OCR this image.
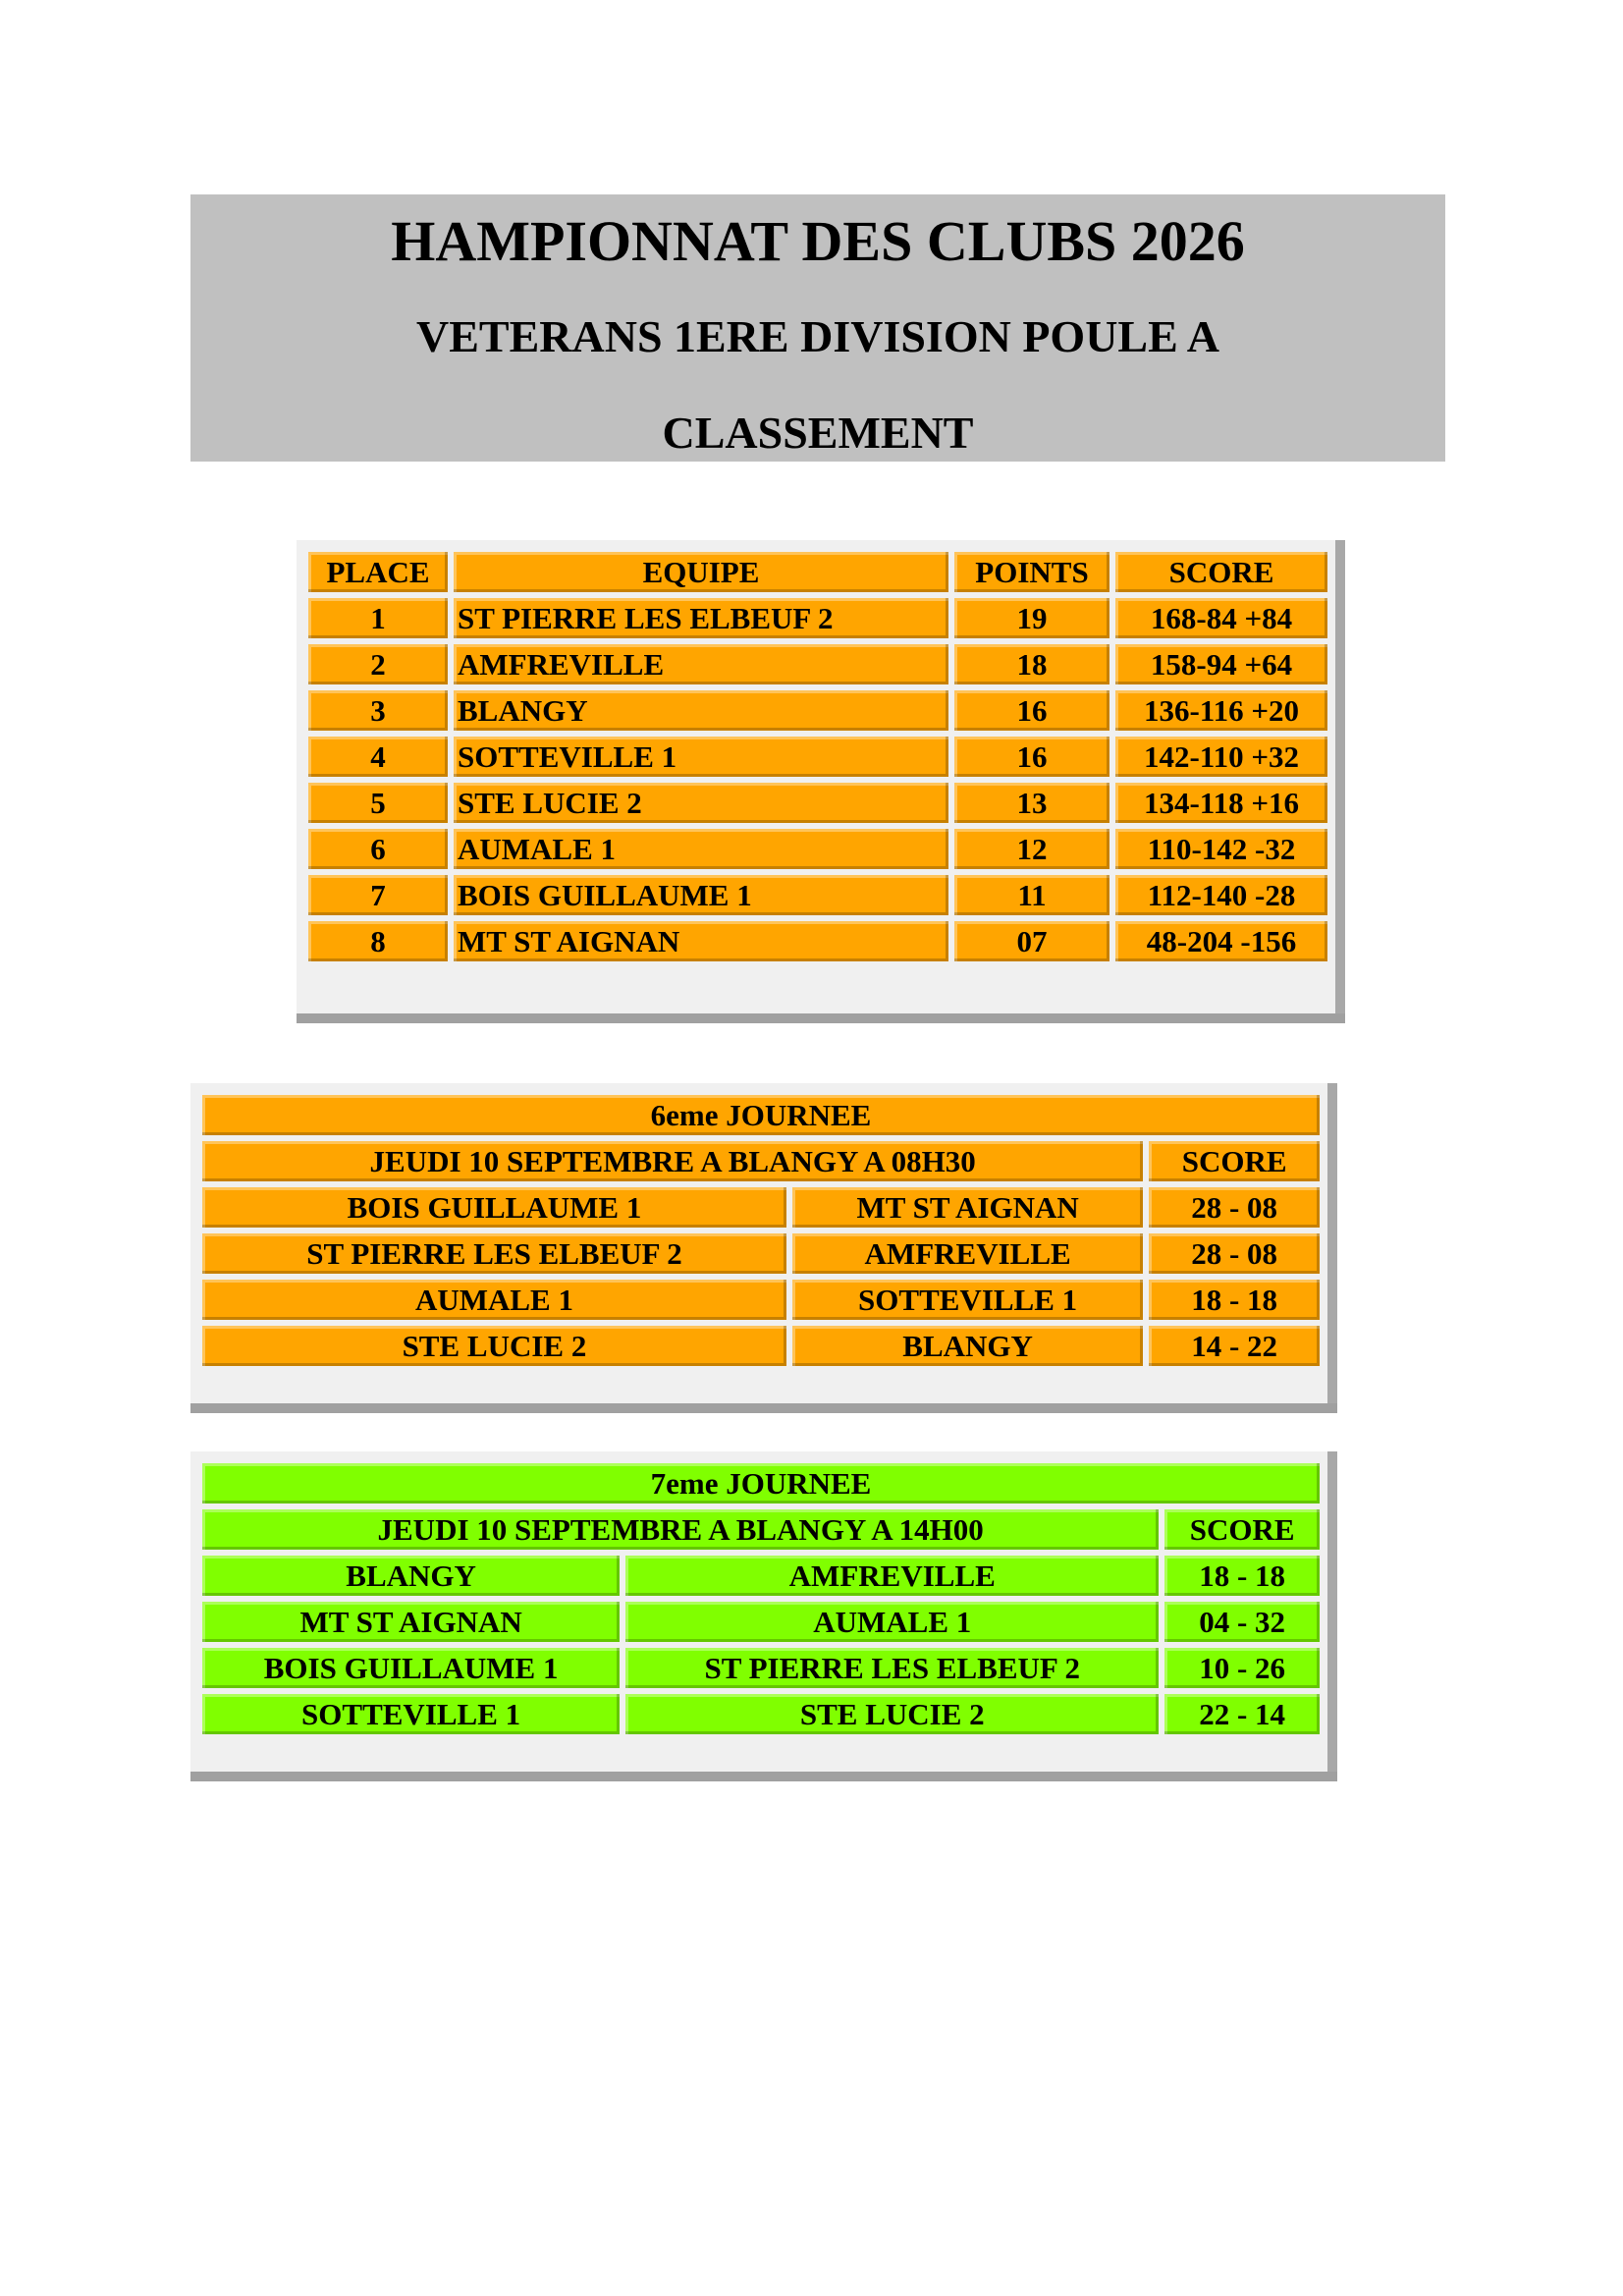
HAMPIONNAT DES CLUBS 2026
VETERANS 1ERE DIVISION POULE A
CLASSEMENT
PLACE	EQUIPE	POINTS	SCORE
1	ST PIERRE LES ELBEUF 2	19	168-84 +84
2	AMFREVILLE	18	158-94 +64
3	BLANGY	16	136-116 +20
4	SOTTEVILLE 1	16	142-110 +32
5	STE LUCIE 2	13	134-118 +16
6	AUMALE 1	12	110-142 -32
7	BOIS GUILLAUME 1	11	112-140 -28
8	MT ST AIGNAN	07	48-204 -156
6eme JOURNEE		
JEUDI 10 SEPTEMBRE A BLANGY A 08H30		SCORE
BOIS GUILLAUME 1	MT ST AIGNAN	28 - 08
ST PIERRE LES ELBEUF 2	AMFREVILLE	28 - 08
AUMALE 1	SOTTEVILLE 1	18 - 18
STE LUCIE 2	BLANGY	14 - 22
7eme JOURNEE		
JEUDI 10 SEPTEMBRE A BLANGY A 14H00		SCORE
BLANGY	AMFREVILLE	18 - 18
MT ST AIGNAN	AUMALE 1	04 - 32
BOIS GUILLAUME 1	ST PIERRE LES ELBEUF 2	10 - 26
SOTTEVILLE 1	STE LUCIE 2	22 - 14
